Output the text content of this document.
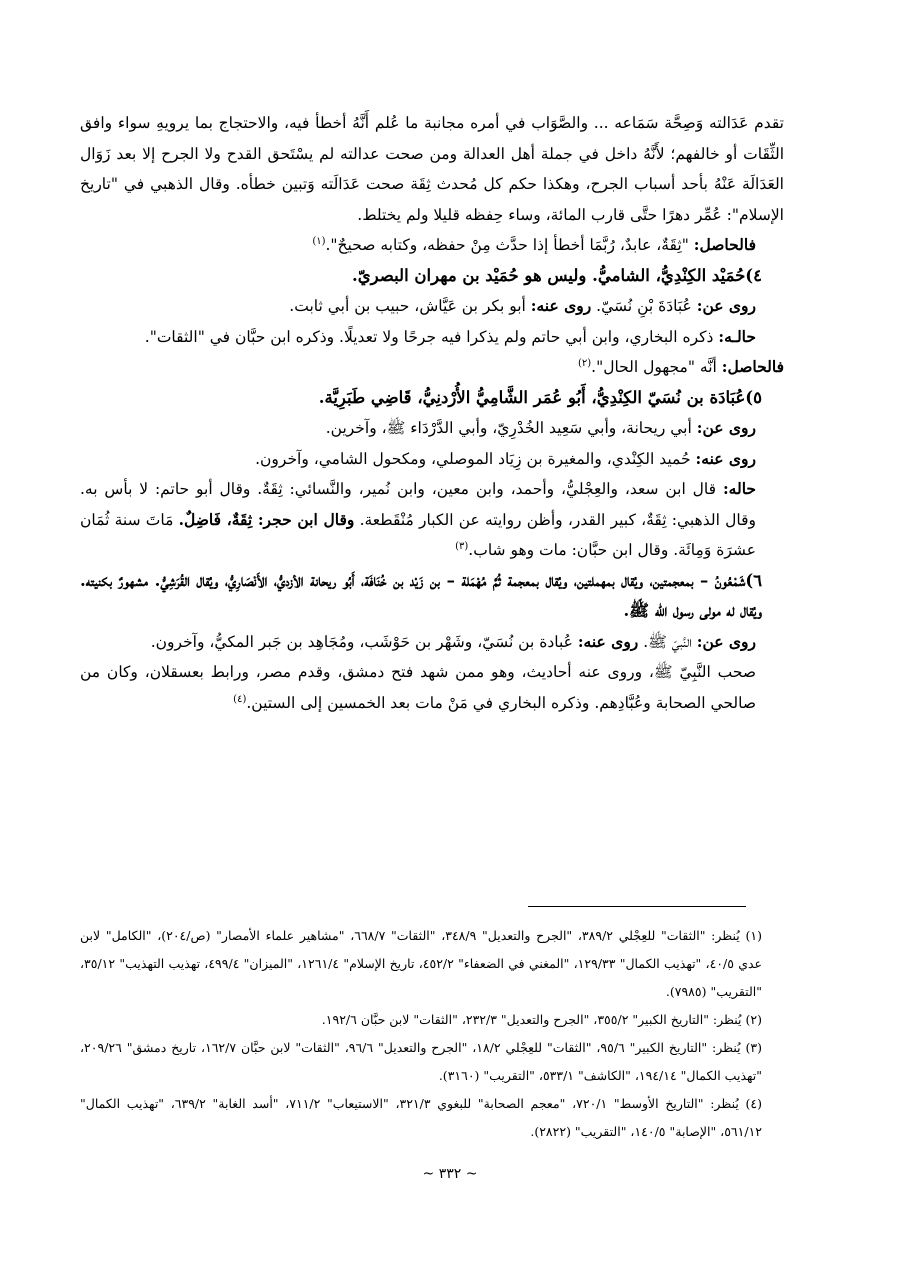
تقدم عَدَالته وَصِحَّة سَمَاعه ... والصَّوَاب في أمره مجانبة ما عُلم أَنَّهُ أخطأ فيه، والاحتجاج بما يرويهِ سواء وافق الثِّقَات أو خالفهم؛ لأَنَّهُ داخل في جملة أهل العدالة ومن صحت عدالته لم يسْتَحق القدح ولا الجرح إلا بعد زَوَال العَدَالَة عَنْهُ بأحد أسباب الجرح، وهكذا حكم كل مُحدث ثِقَة صحت عَدَالَته وَتبين خطأه. وقال الذهبي في "تاريخ الإسلام": عُمِّر دهرًا حتَّى قارب المائة، وساء حِفظه قليلا ولم يختلط.

فالحاصل: "ثِقَةٌ، عابدٌ، رُبَّمَا أخطأ إذا حدَّث مِنْ حفظه، وكتابه صحيحٌ".$^{(١)}$

٤)حُمَيْد الكِنْدِيُّ، الشاميُّ. وليس هو حُمَيْد بن مهران البصريّ.

روى عن: عُبَادَةَ بْنِ نُسَيّ. روى عنه: أبو بكر بن عَيَّاش، حبيب بن أبي ثابت.

حالـه: ذكره البخاري، وابن أبي حاتم ولم يذكرا فيه جرحًا ولا تعديلًا. وذكره ابن حبَّان في "الثقات".

فالحاصل: أنَّه "مجهول الحال".$^{(٢)}$

٥)عُبَادَة بن نُسَيّ الكِنْدِيُّ، أَبُو عُمَر الشَّامِيُّ الأُرْدنِيُّ، قَاضِي طَبَرِيَّة.

روى عن: أبي ريحانة، وأبي سَعِيد الخُدْرِيّ، وأبي الدَّرْدَاء ﷺ، وآخرين.

روى عنه: حُميد الكِنْدي، والمغيرة بن زِيَاد الموصلي، ومكحول الشامي، وآخرون.

حاله: قال ابن سعد، والعِجْليُّ، وأحمد، وابن معين، وابن نُمير، والنَّسائي: ثِقَةٌ. وقال أبو حاتم: لا بأس به. وقال الذهبي: ثِقَةٌ، كبير القدر، وأظن روايته عن الكبار مُنْقَطعة. وقال ابن حجر: ثِقَةٌ، فَاضِلٌ. مَاتَ سنة ثُمَان عشرَة وَمِائَة. وقال ابن حبَّان: مات وهو شاب.$^{(٣)}$

٦)شَمْعُونُ – بمعجمتين، ويُقال بمهملتين، ويُقال بمعجمة ثُمَّ مُهْمَلة – بن زَيْد بن خُنَافَة، أَبُو ريحانة الأزديُّ، الأَنْصَارِيُّ، ويُقال القُرَشِيُّ. مشهورٌ بكنيته. ويُقال له مولى رسول الله ﷺ.

روى عن: النَّبيّ ﷺ. روى عنه: عُبادة بن نُسَيّ، وشَهْر بن حَوْشَب، ومُجَاهِد بن جَبر المكيُّ، وآخرون.

صحب النَّبِيّ ﷺ، وروى عنه أحاديث، وهو ممن شهد فتح دمشق، وقدم مصر، ورابط بعسقلان، وكان من صالحي الصحابة وعُبَّادِهم. وذكره البخاري في مَنْ مات بعد الخمسين إلى الستين.$^{(٤)}$

(١) يُنظر: "الثقات" للعِجْلي ٣٨٩/٢، "الجرح والتعديل" ٣٤٨/٩، "الثقات" ٦٦٨/٧، "مشاهير علماء الأمصار" (ص/٢٠٤)، "الكامل" لابن عدي ٤٠/٥، "تهذيب الكمال" ١٢٩/٣٣، "المغني في الضعفاء" ٤٥٢/٢، تاريخ الإسلام" ١٢٦١/٤، "الميزان" ٤٩٩/٤، تهذيب التهذيب" ٣٥/١٢، "التقريب" (٧٩٨٥).

(٢) يُنظر: "التاريخ الكبير" ٣٥٥/٢، "الجرح والتعديل" ٢٣٢/٣، "الثقات" لابن حبَّان ١٩٢/٦.

(٣) يُنظر: "التاريخ الكبير" ٩٥/٦، "الثقات" للعِجْلي ١٨/٢، "الجرح والتعديل" ٩٦/٦، "الثقات" لابن حبَّان ١٦٢/٧، تاريخ دمشق" ٢٠٩/٢٦، "تهذيب الكمال" ١٩٤/١٤، "الكاشف" ٥٣٣/١، "التقريب" (٣١٦٠).

(٤) يُنظر: "التاريخ الأوسط" ٧٢٠/١، "معجم الصحابة" للبغوي ٣٢١/٣، "الاستيعاب" ٧١١/٢، "أسد الغابة" ٦٣٩/٢، "تهذيب الكمال" ٥٦١/١٢، "الإصابة" ١٤٠/٥، "التقريب" (٢٨٢٢).

~ ٣٣٢ ~
